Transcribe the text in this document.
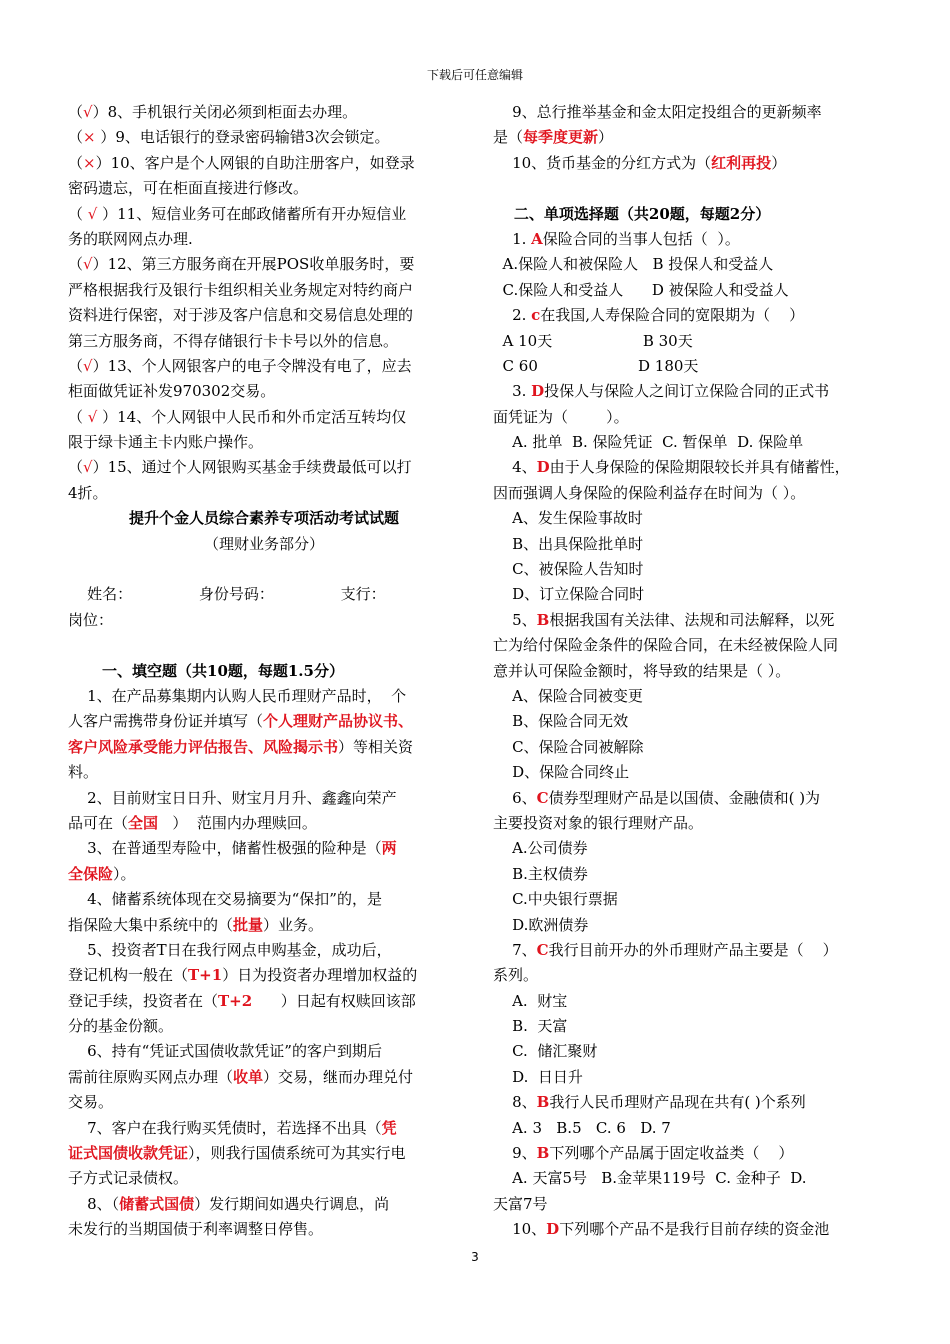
下载后可任意编辑
（√）8、手机银行关闭必须到柜面去办理。
（× ）9、电话银行的登录密码输错3次会锁定。
（×）10、客户是个人网银的自助注册客户，如登录
密码遗忘，可在柜面直接进行修改。
（ √ ）11、短信业务可在邮政储蓄所有开办短信业
务的联网网点办理.
（√）12、第三方服务商在开展POS收单服务时，要
严格根据我行及银行卡组织相关业务规定对特约商户
资料进行保密，对于涉及客户信息和交易信息处理的
第三方服务商，不得存储银行卡卡号以外的信息。
（√）13、个人网银客户的电子令牌没有电了，应去
柜面做凭证补发970302交易。
（ √ ）14、个人网银中人民币和外币定活互转均仅
限于绿卡通主卡内账户操作。
（√）15、通过个人网银购买基金手续费最低可以打
4折。
提升个金人员综合素养专项活动考试试题
（理财业务部分）
姓名：              身份号码：              支行：
岗位：
一、填空题（共10题，每题1.5分）
1、在产品募集期内认购人民币理财产品时，  个
人客户需携带身份证并填写（个人理财产品协议书、
客户风险承受能力评估报告、风险揭示书）等相关资
料。
2、目前财宝日日升、财宝月月升、鑫鑫向荣产
品可在（全国   ）  范围内办理赎回。
3、在普通型寿险中，储蓄性极强的险种是（两
全保险）。
4、储蓄系统体现在交易摘要为“保扣”的，是
指保险大集中系统中的（批量）业务。
5、投资者T日在我行网点申购基金，成功后，
登记机构一般在（T+1）日为投资者办理增加权益的
登记手续，投资者在（T+2      ）日起有权赎回该部
分的基金份额。
6、持有“凭证式国债收款凭证”的客户到期后
需前往原购买网点办理（收单）交易，继而办理兑付
交易。
7、客户在我行购买凭债时，若选择不出具（凭
证式国债收款凭证），则我行国债系统可为其实行电
子方式记录债权。
8、（储蓄式国债）发行期间如遇央行调息，尚
未发行的当期国债于利率调整日停售。
9、总行推举基金和金太阳定投组合的更新频率
是（每季度更新）
10、货币基金的分红方式为（红利再投）
二、单项选择题（共20题，每题2分）
1. A保险合同的当事人包括（  ）。
A.保险人和被保险人   B 投保人和受益人
C.保险人和受益人      D 被保险人和受益人
2. c在我国,人寿保险合同的宽限期为（    ）
A 10天                   B 30天
C 60                     D 180天
3. D投保人与保险人之间订立保险合同的正式书
面凭证为（        ）。
A. 批单  B. 保险凭证  C. 暂保单  D. 保险单
4、D由于人身保险的保险期限较长并具有储蓄性，
因而强调人身保险的保险利益存在时间为（ ）。
A、发生保险事故时
B、出具保险批单时
C、被保险人告知时
D、订立保险合同时
5、B根据我国有关法律、法规和司法解释，以死
亡为给付保险金条件的保险合同，在未经被保险人同
意并认可保险金额时，将导致的结果是（ ）。
A、保险合同被变更
B、保险合同无效
C、保险合同被解除
D、保险合同终止
6、C债券型理财产品是以国债、金融债和( )为
主要投资对象的银行理财产品。
A.公司债券
B.主权债券
C.中央银行票据
D.欧洲债券
7、C我行目前开办的外币理财产品主要是（    ）
系列。
A.  财宝
B.  天富
C.  储汇聚财
D.  日日升
8、B我行人民币理财产品现在共有( )个系列
A. 3   B.5   C. 6   D. 7
9、B下列哪个产品属于固定收益类（    ）
A. 天富5号   B.金苹果119号  C. 金种子  D.
天富7号
10、D下列哪个产品不是我行目前存续的资金池
3
